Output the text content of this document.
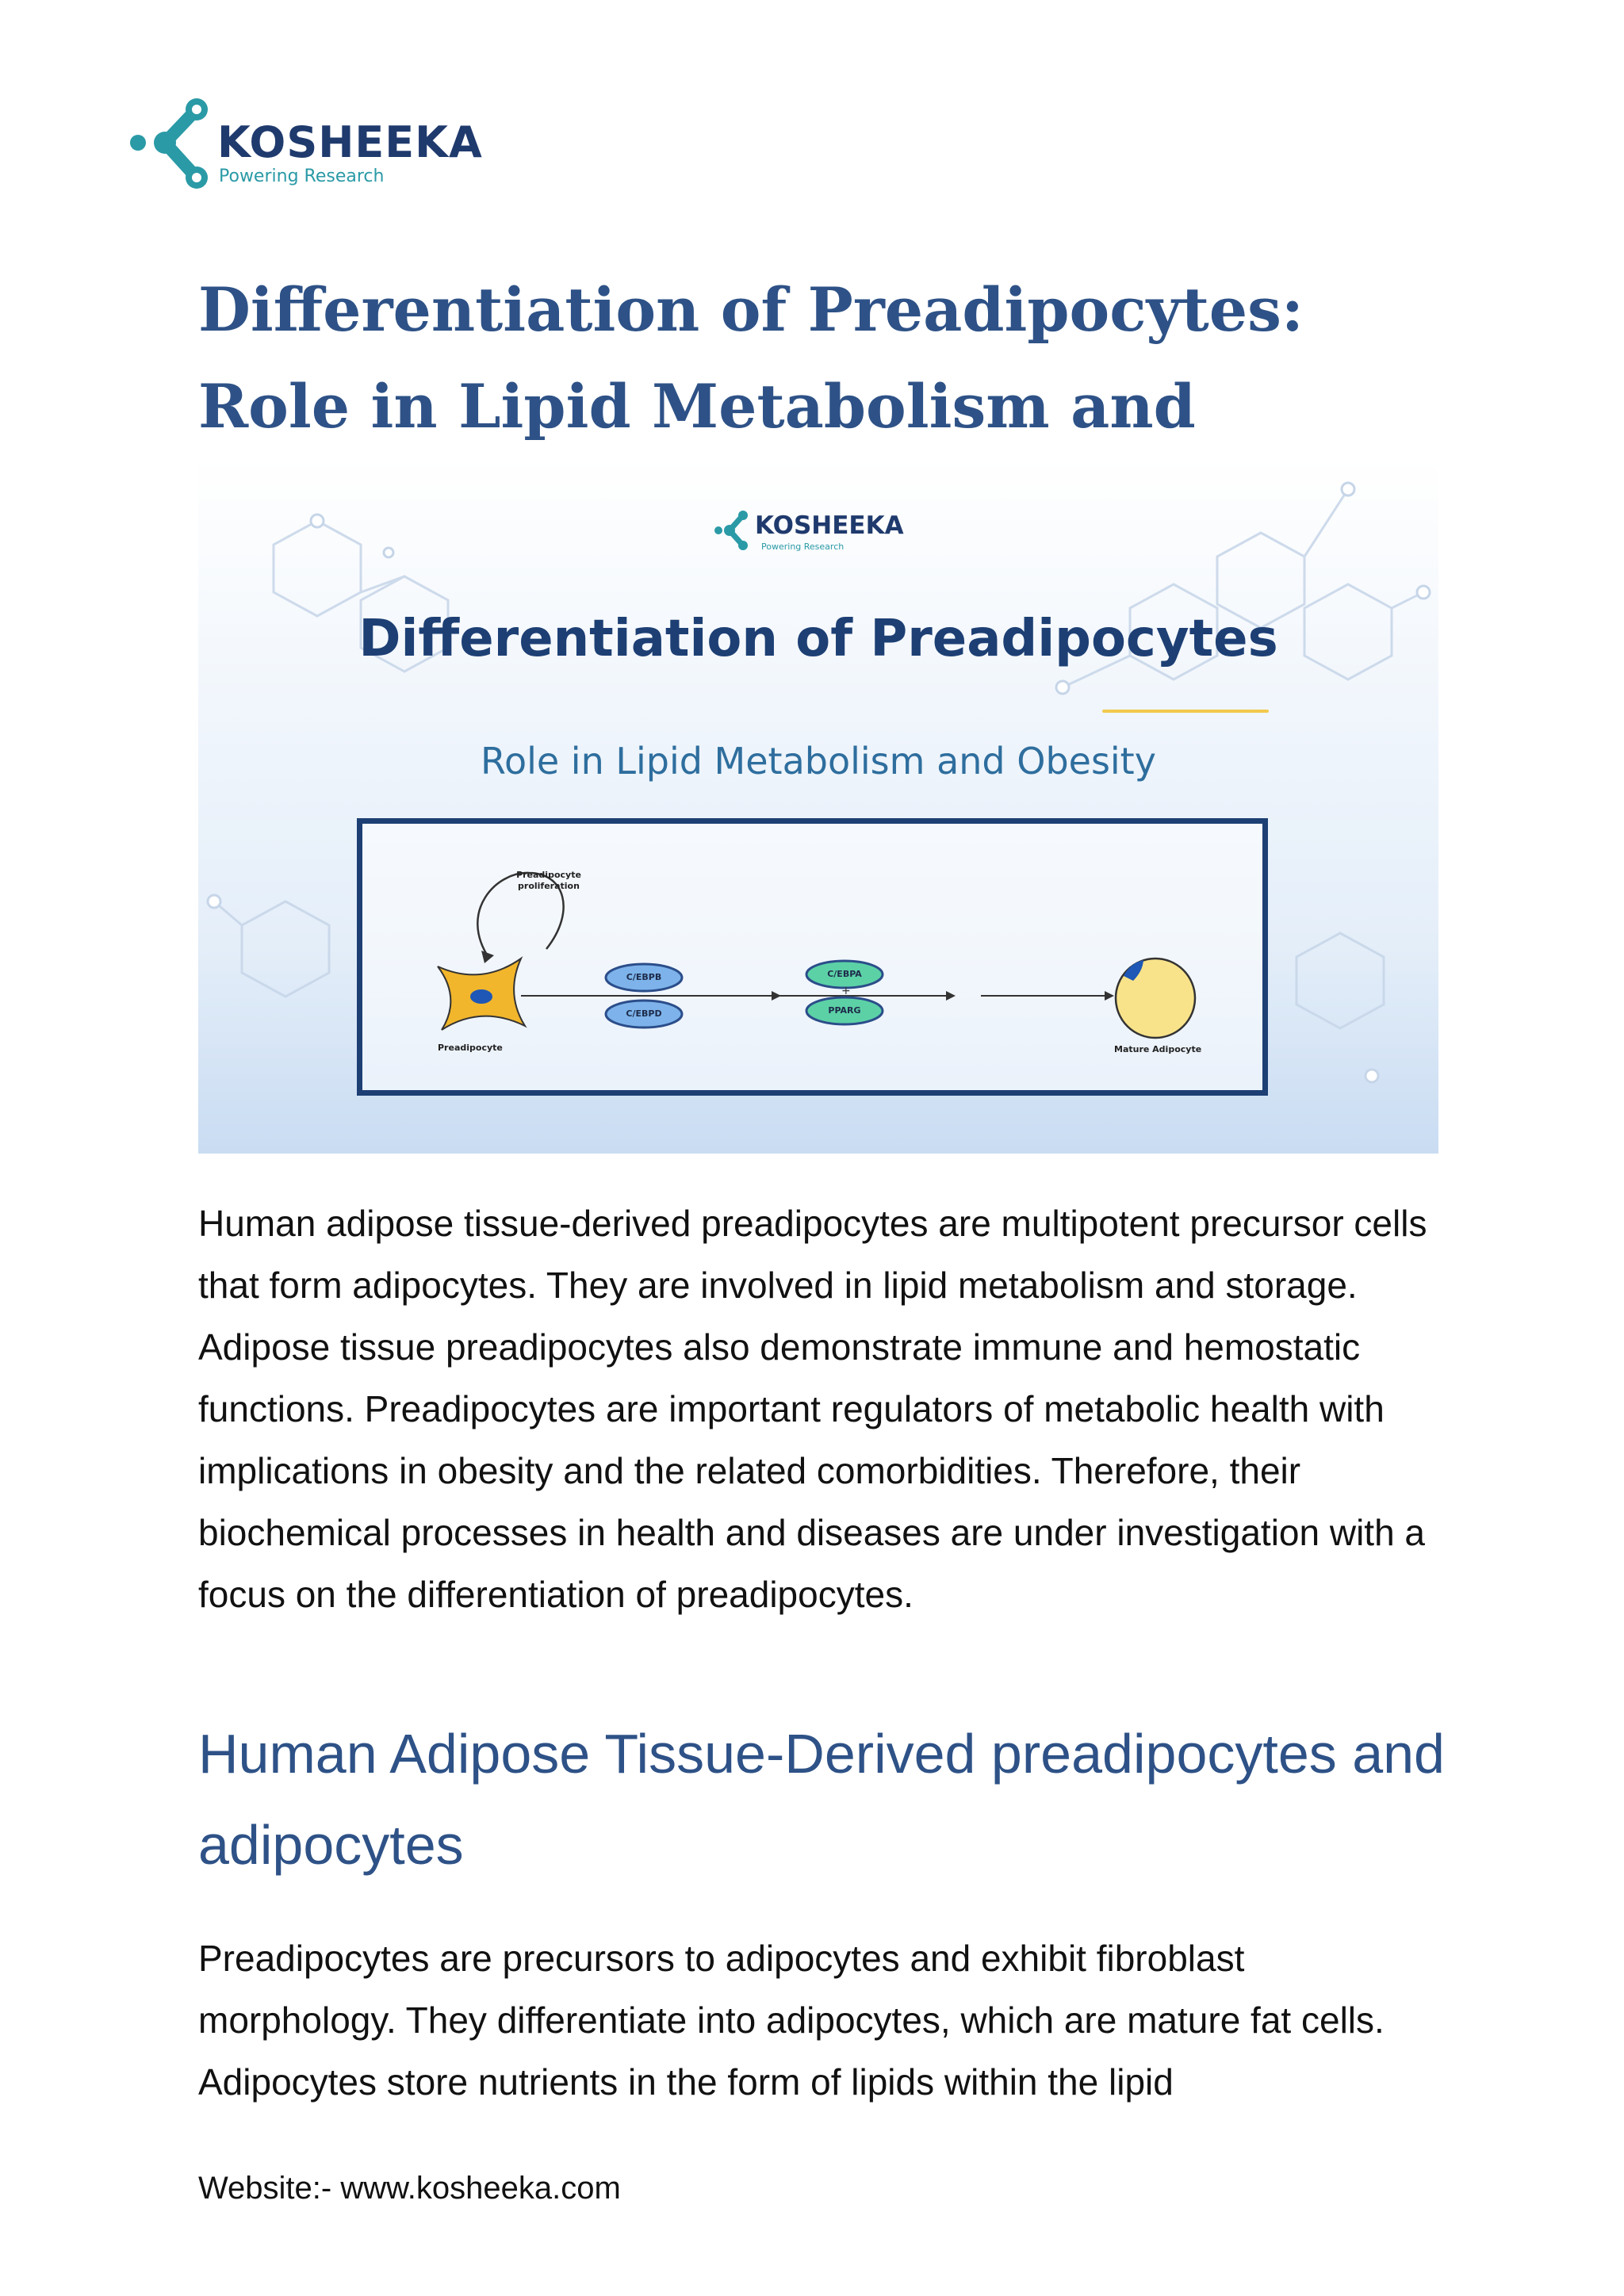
KOSHEEKA
Powering Research
Differentiation of Preadipocytes: Role in Lipid Metabolism and
KOSHEEKA
Powering Research
Differentiation of Preadipocytes
Role in Lipid Metabolism and Obesity
+
Preadipocyte proliferation
Preadipocyte
C/EBPB
C/EBPD
C/EBPA
PPARG
Mature Adipocyte

Human adipose tissue-derived preadipocytes are multipotent precursor cells that form adipocytes. They are involved in lipid metabolism and storage. Adipose tissue preadipocytes also demonstrate immune and hemostatic functions. Preadipocytes are important regulators of metabolic health with implications in obesity and the related comorbidities. Therefore, their biochemical processes in health and diseases are under investigation with a focus on the differentiation of preadipocytes.

Human Adipose Tissue-Derived preadipocytes and adipocytes

Preadipocytes are precursors to adipocytes and exhibit fibroblast morphology. They differentiate into adipocytes, which are mature fat cells. Adipocytes store nutrients in the form of lipids within the lipid

Website:- www.kosheeka.com
